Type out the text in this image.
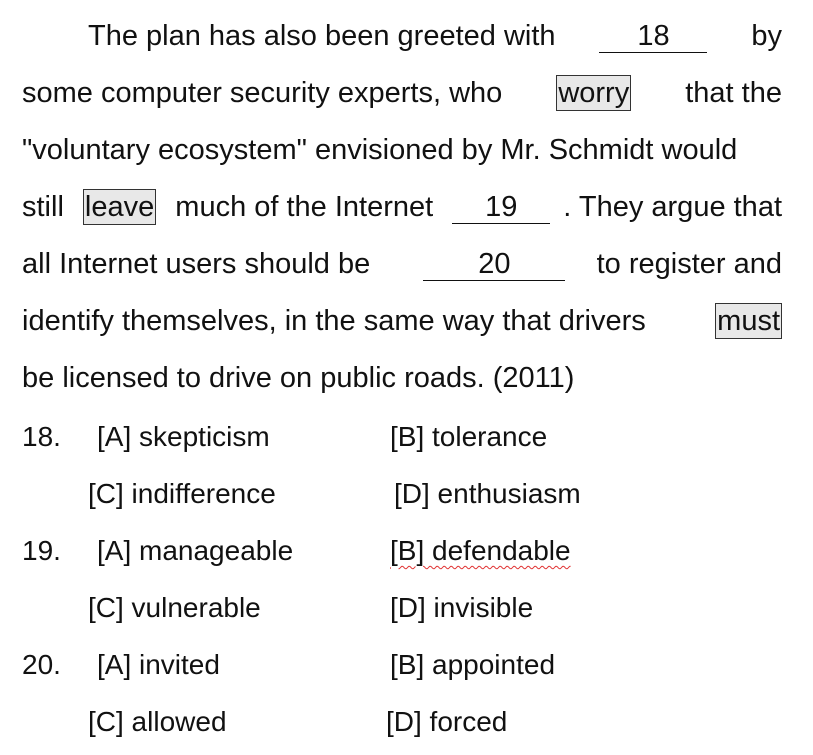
The plan has also been greeted with	18	by
some computer security experts, who worry that the
"voluntary ecosystem" envisioned by Mr. Schmidt would
still leave much of the Internet	19	. They argue that
all Internet users should be	20	to register and
identify themselves, in the same way that drivers must
be licensed to drive on public roads. (2011)
18. [A] skepticism	[B] tolerance
[C] indifference	[D] enthusiasm
19. [A] manageable	[B] defendable
[C] vulnerable	[D] invisible
20. [A] invited	[B] appointed
[C] allowed	[D] forced
